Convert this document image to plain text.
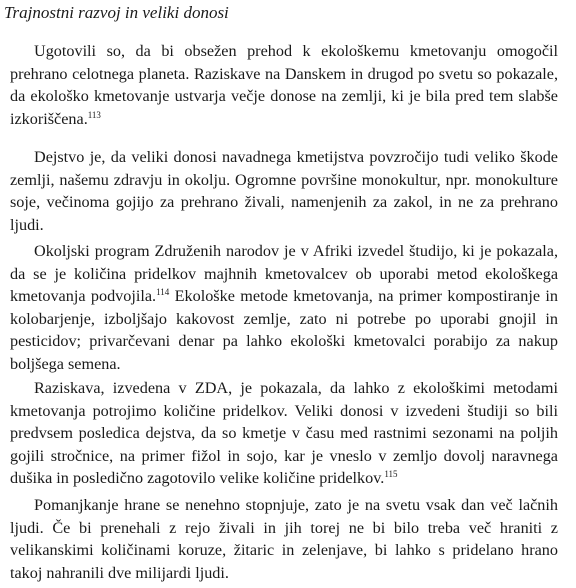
Trajnostni razvoj in veliki donosi

Ugotovili so, da bi obsežen prehod k ekološkemu kmetovanju omogočil prehrano celotnega planeta. Raziskave na Danskem in drugod po svetu so pokazale, da ekološko kmetovanje ustvarja večje donose na zemlji, ki je bila pred tem slabše izkoriščena.$^{113}$

Dejstvo je, da veliki donosi navadnega kmetijstva povzročijo tudi veliko škode zemlji, našemu zdravju in okolju. Ogromne površine monokultur, npr. monokulture soje, večinoma gojijo za prehrano živali, namenjenih za zakol, in ne za prehrano ljudi.

Okoljski program Združenih narodov je v Afriki izvedel študijo, ki je pokazala, da se je količina pridelkov majhnih kmetovalcev ob uporabi metod ekološkega kmetovanja podvojila.$^{114}$ Ekološke metode kmetovanja, na primer kompostiranje in kolobarjenje, izboljšajo kakovost zemlje, zato ni potrebe po uporabi gnojil in pesticidov; privarčevani denar pa lahko ekološki kmetovalci porabijo za nakup boljšega semena.

Raziskava, izvedena v ZDA, je pokazala, da lahko z ekološkimi metodami kmetovanja potrojimo količine pridelkov. Veliki donosi v izvedeni študiji so bili predvsem posledica dejstva, da so kmetje v času med rastnimi sezonami na poljih gojili stročnice, na primer fižol in sojo, kar je vneslo v zemljo dovolj naravnega dušika in posledično zagotovilo velike količine pridelkov.$^{115}$

Pomanjkanje hrane se nenehno stopnjuje, zato je na svetu vsak dan več lačnih ljudi. Če bi prenehali z rejo živali in jih torej ne bi bilo treba več hraniti z velikanskimi količinami koruze, žitaric in zelenjave, bi lahko s pridelano hrano takoj nahranili dve milijardi ljudi.
